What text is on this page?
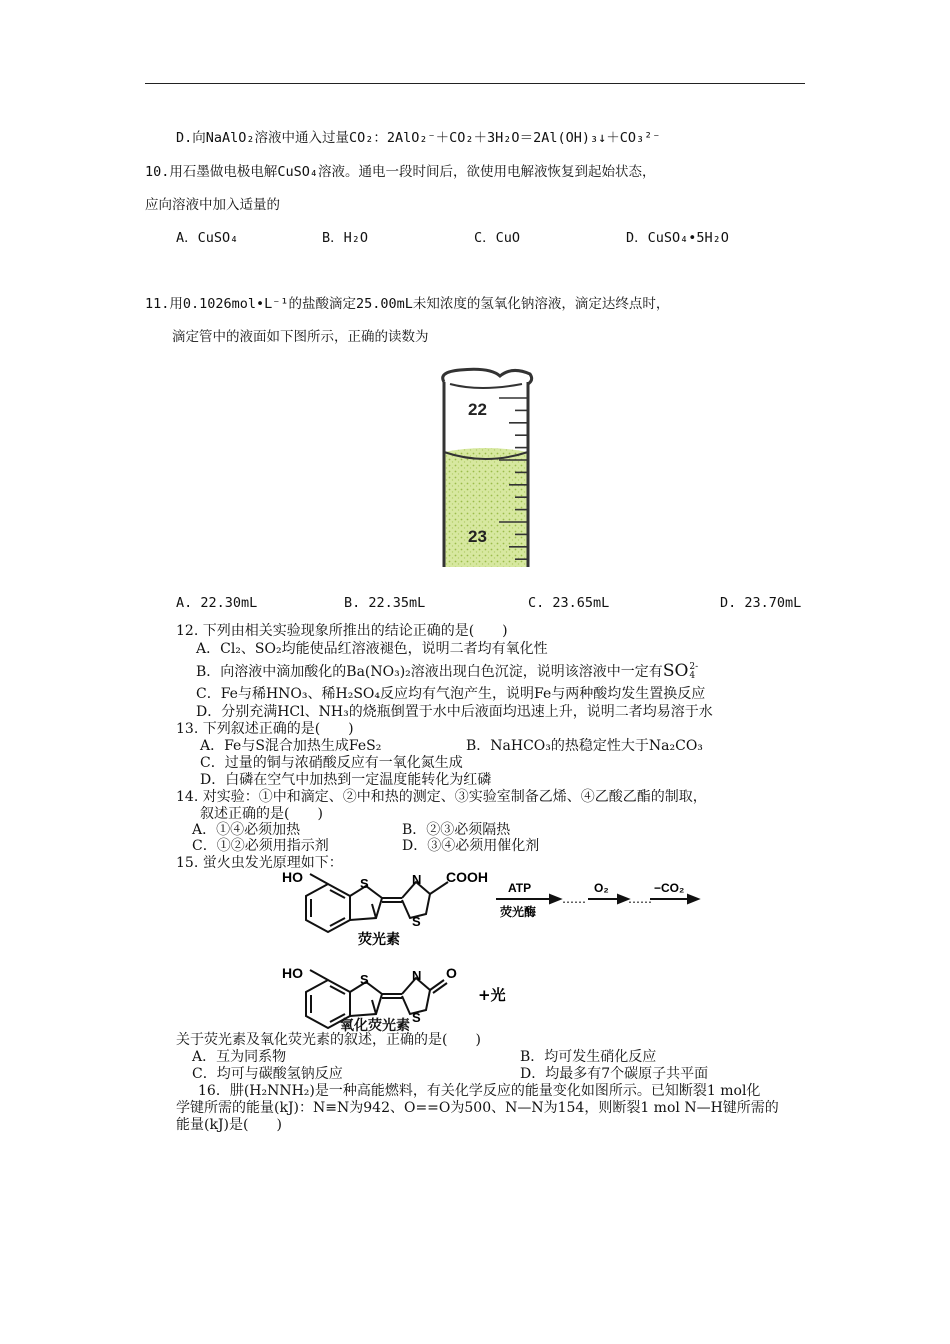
D.向NaAlO₂溶液中通入过量CO₂：2AlO₂⁻＋CO₂＋3H₂O＝2Al(OH)₃↓＋CO₃²⁻
10.用石墨做电极电解CuSO₄溶液。通电一段时间后，欲使用电解液恢复到起始状态，
应向溶液中加入适量的
A．CuSO₄	B．H₂O	C．CuO	D．CuSO₄•5H₂O
11.用0.1026mol•L⁻¹的盐酸滴定25.00mL未知浓度的氢氧化钠溶液，滴定达终点时，
滴定管中的液面如下图所示，正确的读数为
22
23
A. 22.30mL	B. 22.35mL	C. 23.65mL	D. 23.70mL
12. 下列由相关实验现象所推出的结论正确的是(　　)
A．Cl₂、SO₂均能使品红溶液褪色，说明二者均有氧化性
B．向溶液中滴加酸化的Ba(NO₃)₂溶液出现白色沉淀，说明该溶液中一定有SO 2-
4
C．Fe与稀HNO₃、稀H₂SO₄反应均有气泡产生，说明Fe与两种酸均发生置换反应
D．分别充满HCl、NH₃的烧瓶倒置于水中后液面均迅速上升，说明二者均易溶于水
13. 下列叙述正确的是(　　)
A．Fe与S混合加热生成FeS₂	B．NaHCO₃的热稳定性大于Na₂CO₃
C．过量的铜与浓硝酸反应有一氧化氮生成
D．白磷在空气中加热到一定温度能转化为红磷
14. 对实验：①中和滴定、②中和热的测定、③实验室制备乙烯、④乙酸乙酯的制取，
叙述正确的是(　　)
A．①④必须加热	B．②③必须隔热
C．①②必须用指示剂	D．③④必须用催化剂
15. 蛍火虫发光原理如下：
HO	S	N COOH
S
ATP
荧光酶
……
O₂
……
−CO₂
荧光素
HO	S	N O
S
+光
氧化荧光素
关于荧光素及氧化荧光素的叙述，正确的是(　　)
A．互为同系物	B．均可发生硝化反应
C．均可与碳酸氢钠反应	D．均最多有7个碳原子共平面
16．肼(H₂NNH₂)是一种高能燃料，有关化学反应的能量变化如图所示。已知断裂1 mol化
学键所需的能量(kJ)：N≡N为942、O==O为500、N—N为154，则断裂1 mol N—H键所需的
能量(kJ)是(　　)
